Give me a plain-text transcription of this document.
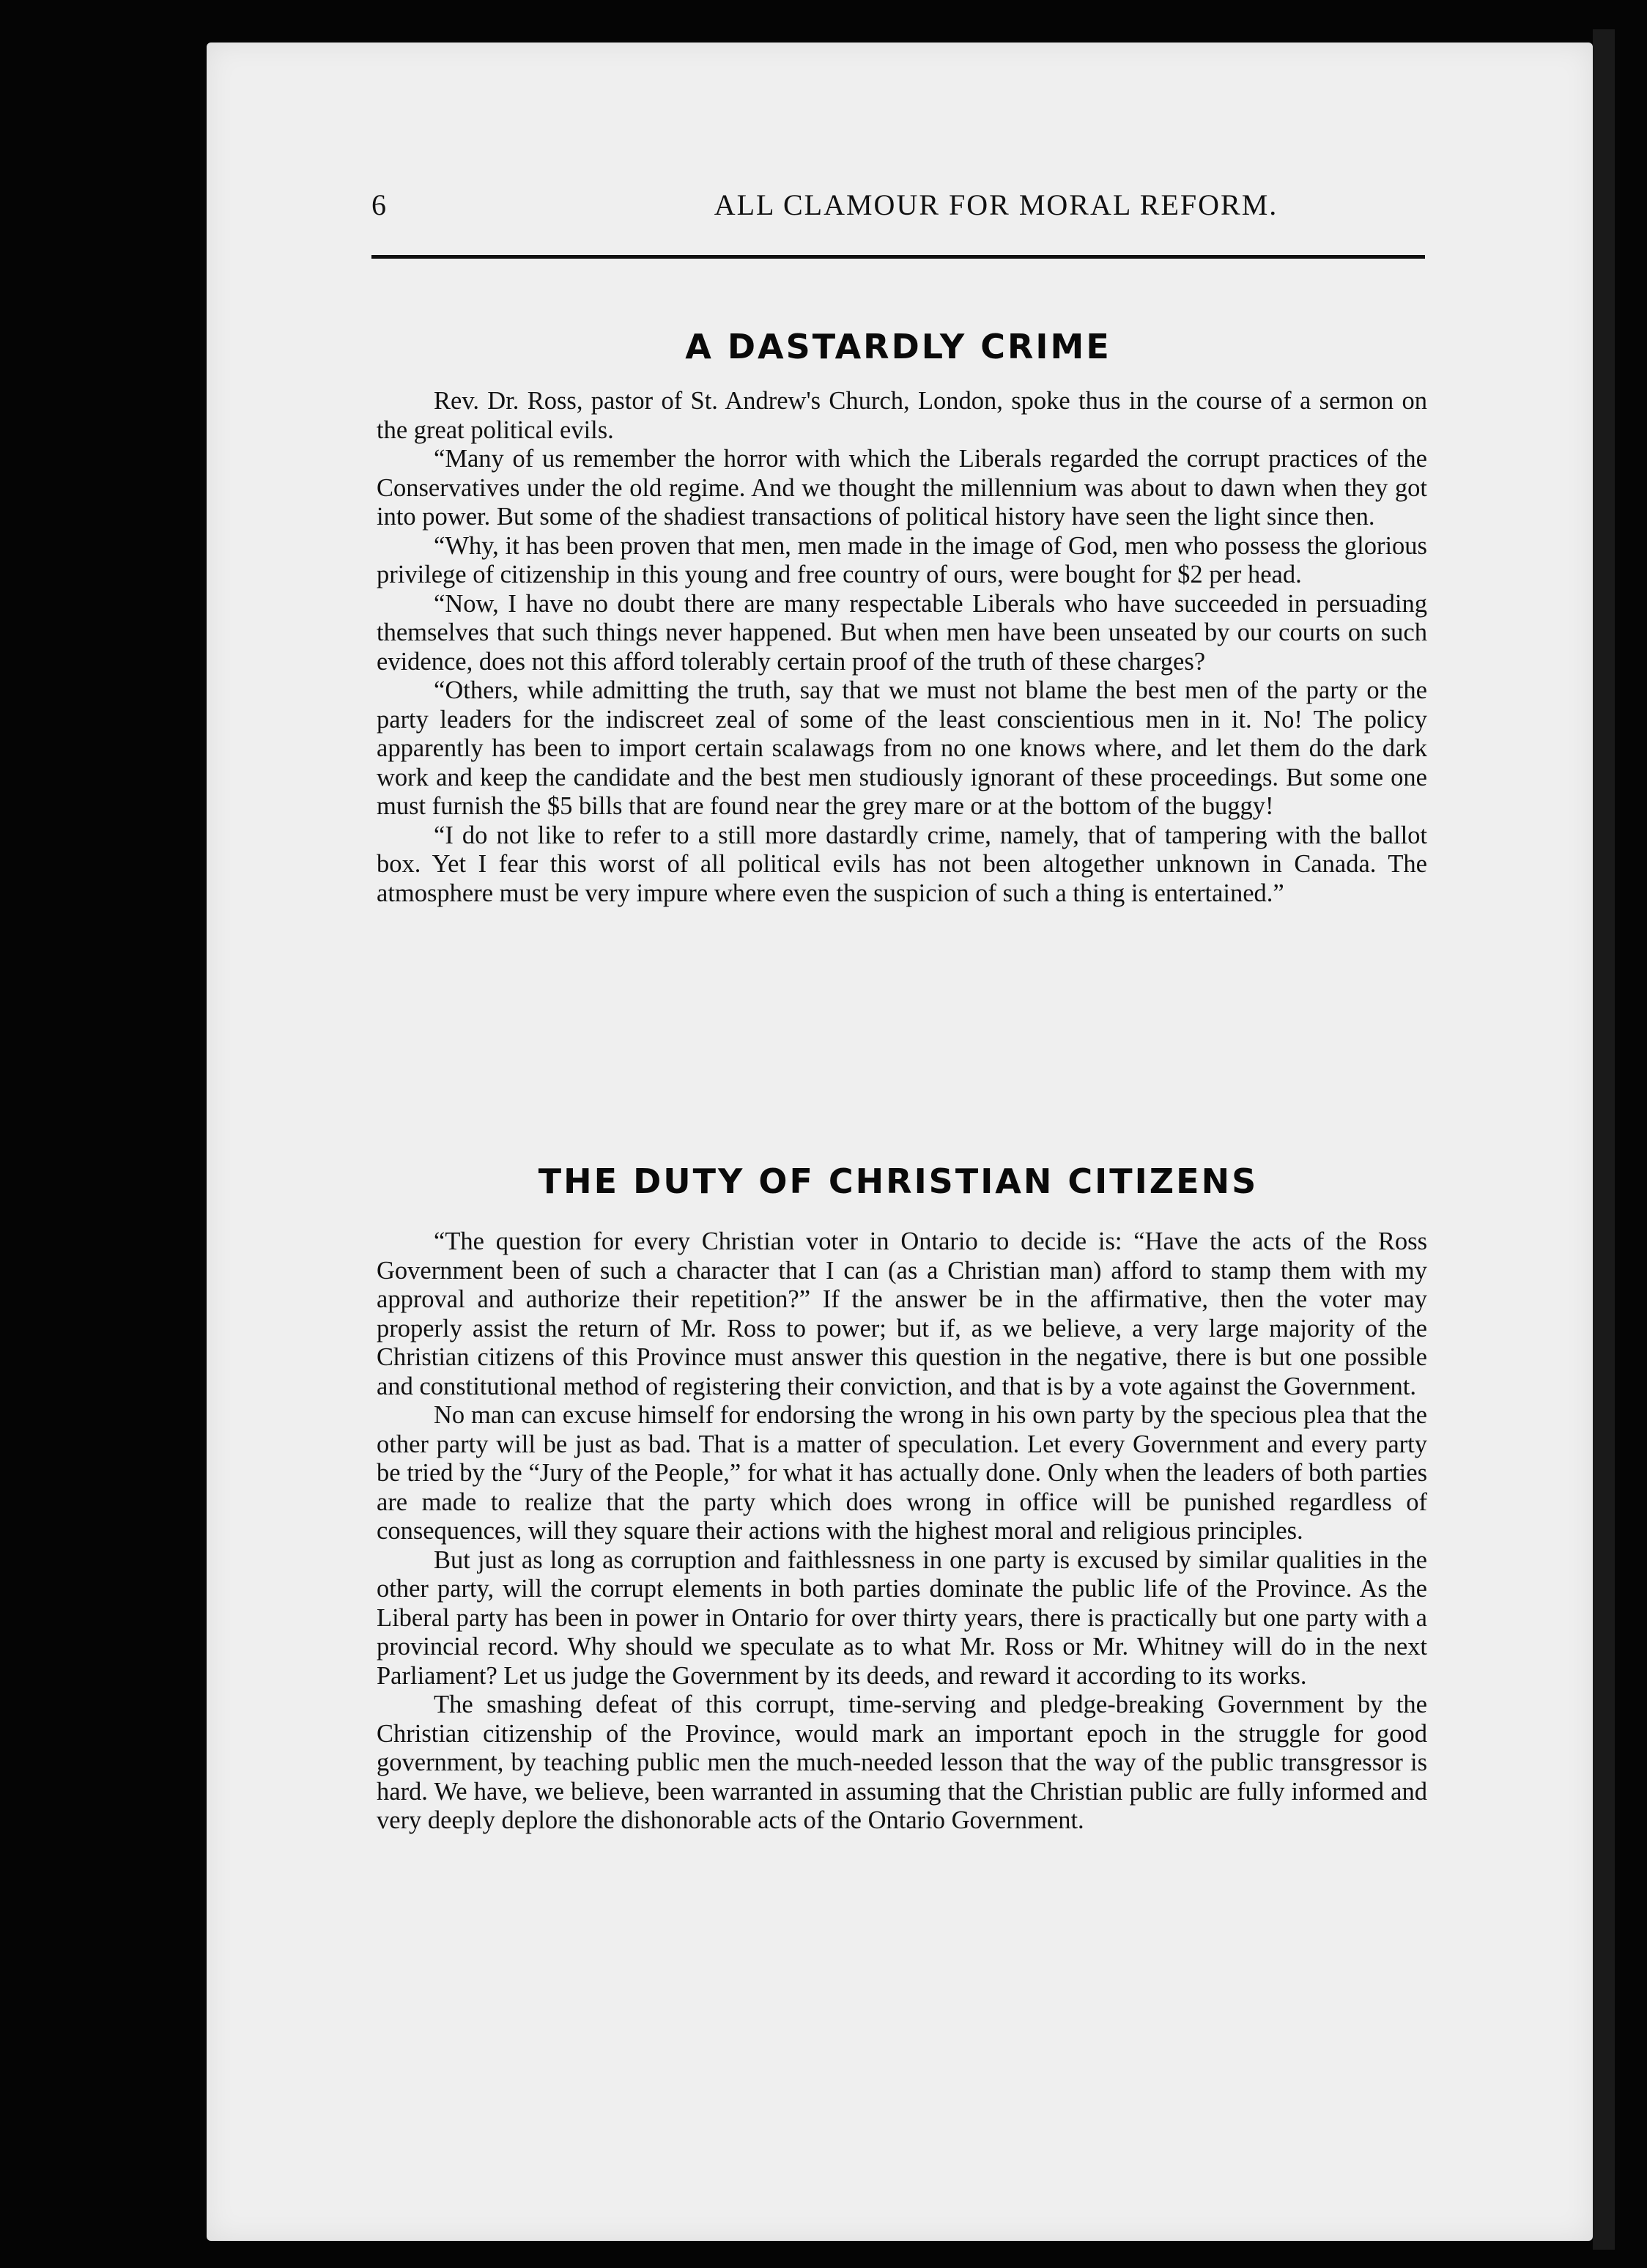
6	ALL CLAMOUR FOR MORAL REFORM.
A DASTARDLY CRIME

Rev. Dr. Ross, pastor of St. Andrew's Church, London, spoke thus in the course of a sermon on the great political evils.

“Many of us remember the horror with which the Liberals regarded the corrupt practices of the Conservatives under the old regime. And we thought the millennium was about to dawn when they got into power. But some of the shadiest transactions of political history have seen the light since then.

“Why, it has been proven that men, men made in the image of God, men who possess the glorious privilege of citizenship in this young and free country of ours, were bought for $2 per head.

“Now, I have no doubt there are many respectable Liberals who have succeeded in persuading themselves that such things never happened. But when men have been unseated by our courts on such evidence, does not this afford tolerably certain proof of the truth of these charges?

“Others, while admitting the truth, say that we must not blame the best men of the party or the party leaders for the indiscreet zeal of some of the least conscientious men in it. No! The policy apparently has been to import certain scalawags from no one knows where, and let them do the dark work and keep the candidate and the best men studiously ignorant of these proceedings. But some one must furnish the $5 bills that are found near the grey mare or at the bottom of the buggy!

“I do not like to refer to a still more dastardly crime, namely, that of tampering with the ballot box. Yet I fear this worst of all political evils has not been altogether unknown in Canada. The atmosphere must be very impure where even the suspicion of such a thing is entertained.”

THE DUTY OF CHRISTIAN CITIZENS

“The question for every Christian voter in Ontario to decide is: “Have the acts of the Ross Government been of such a character that I can (as a Christian man) afford to stamp them with my approval and authorize their repetition?” If the answer be in the affirmative, then the voter may properly assist the return of Mr. Ross to power; but if, as we believe, a very large majority of the Christian citizens of this Province must answer this question in the negative, there is but one possible and constitutional method of registering their conviction, and that is by a vote against the Government.

No man can excuse himself for endorsing the wrong in his own party by the specious plea that the other party will be just as bad. That is a matter of speculation. Let every Government and every party be tried by the “Jury of the People,” for what it has actually done. Only when the leaders of both parties are made to realize that the party which does wrong in office will be punished regardless of consequences, will they square their actions with the highest moral and religious principles.

But just as long as corruption and faithlessness in one party is excused by similar qualities in the other party, will the corrupt elements in both parties dominate the public life of the Province. As the Liberal party has been in power in Ontario for over thirty years, there is practically but one party with a provincial record. Why should we speculate as to what Mr. Ross or Mr. Whitney will do in the next Parliament? Let us judge the Government by its deeds, and reward it according to its works.

The smashing defeat of this corrupt, time-serving and pledge-breaking Government by the Christian citizenship of the Province, would mark an important epoch in the struggle for good government, by teaching public men the much-needed lesson that the way of the public transgressor is hard. We have, we believe, been warranted in assuming that the Christian public are fully informed and very deeply deplore the dishonorable acts of the Ontario Government.
